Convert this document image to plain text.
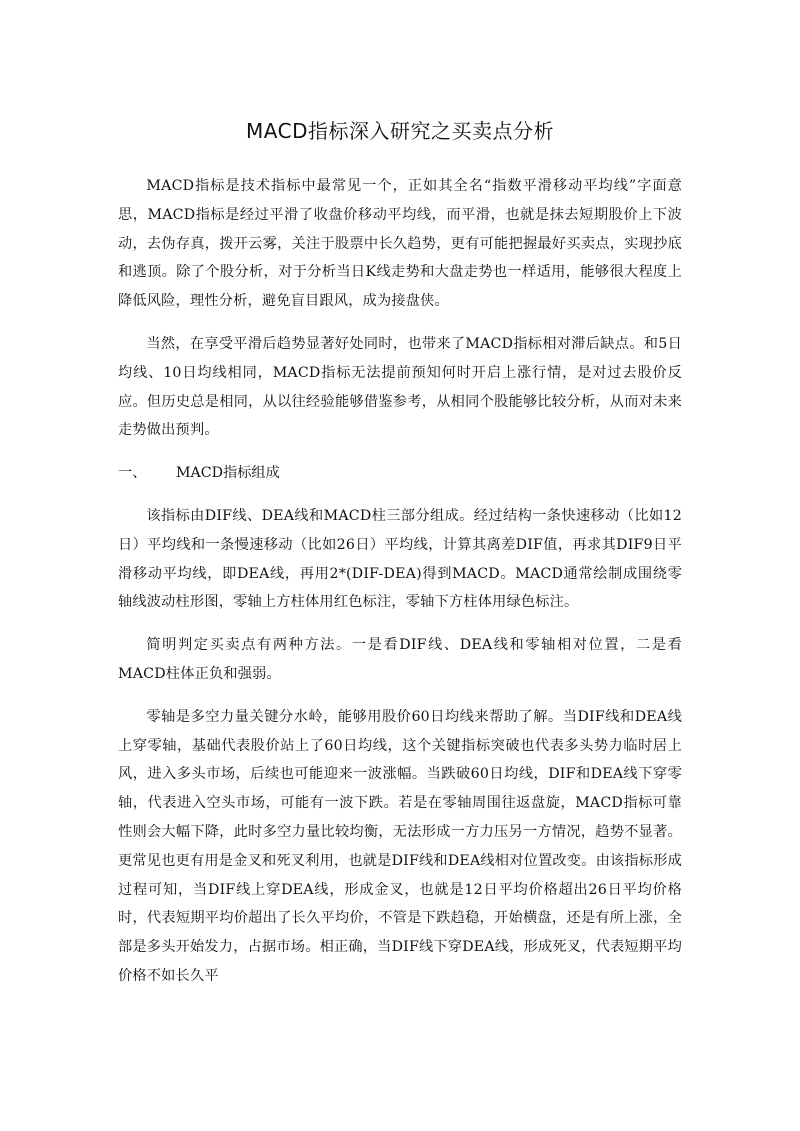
MACD指标深入研究之买卖点分析

MACD指标是技术指标中最常见一个，正如其全名“指数平滑移动平均线”字面意思，MACD指标是经过平滑了收盘价移动平均线，而平滑，也就是抹去短期股价上下波动，去伪存真，拨开云雾，关注于股票中长久趋势，更有可能把握最好买卖点，实现抄底和逃顶。除了个股分析，对于分析当日K线走势和大盘走势也一样适用，能够很大程度上降低风险，理性分析，避免盲目跟风，成为接盘侠。

当然，在享受平滑后趋势显著好处同时，也带来了MACD指标相对滞后缺点。和5日均线、10日均线相同，MACD指标无法提前预知何时开启上涨行情，是对过去股价反应。但历史总是相同，从以往经验能够借鉴参考，从相同个股能够比较分析，从而对未来走势做出预判。

一、	MACD指标组成

该指标由DIF线、DEA线和MACD柱三部分组成。经过结构一条快速移动（比如12日）平均线和一条慢速移动（比如26日）平均线，计算其离差DIF值，再求其DIF9日平滑移动平均线，即DEA线，再用2*(DIF-DEA)得到MACD。MACD通常绘制成围绕零轴线波动柱形图，零轴上方柱体用红色标注，零轴下方柱体用绿色标注。

简明判定买卖点有两种方法。一是看DIF线、DEA线和零轴相对位置，二是看MACD柱体正负和强弱。

零轴是多空力量关键分水岭，能够用股价60日均线来帮助了解。当DIF线和DEA线上穿零轴，基础代表股价站上了60日均线，这个关键指标突破也代表多头势力临时居上风，进入多头市场，后续也可能迎来一波涨幅。当跌破60日均线，DIF和DEA线下穿零轴，代表进入空头市场，可能有一波下跌。若是在零轴周围往返盘旋，MACD指标可靠性则会大幅下降，此时多空力量比较均衡，无法形成一方力压另一方情况，趋势不显著。更常见也更有用是金叉和死叉利用，也就是DIF线和DEA线相对位置改变。由该指标形成过程可知，当DIF线上穿DEA线，形成金叉，也就是12日平均价格超出26日平均价格时，代表短期平均价超出了长久平均价，不管是下跌趋稳，开始横盘，还是有所上涨，全部是多头开始发力，占据市场。相正确，当DIF线下穿DEA线，形成死叉，代表短期平均价格不如长久平
